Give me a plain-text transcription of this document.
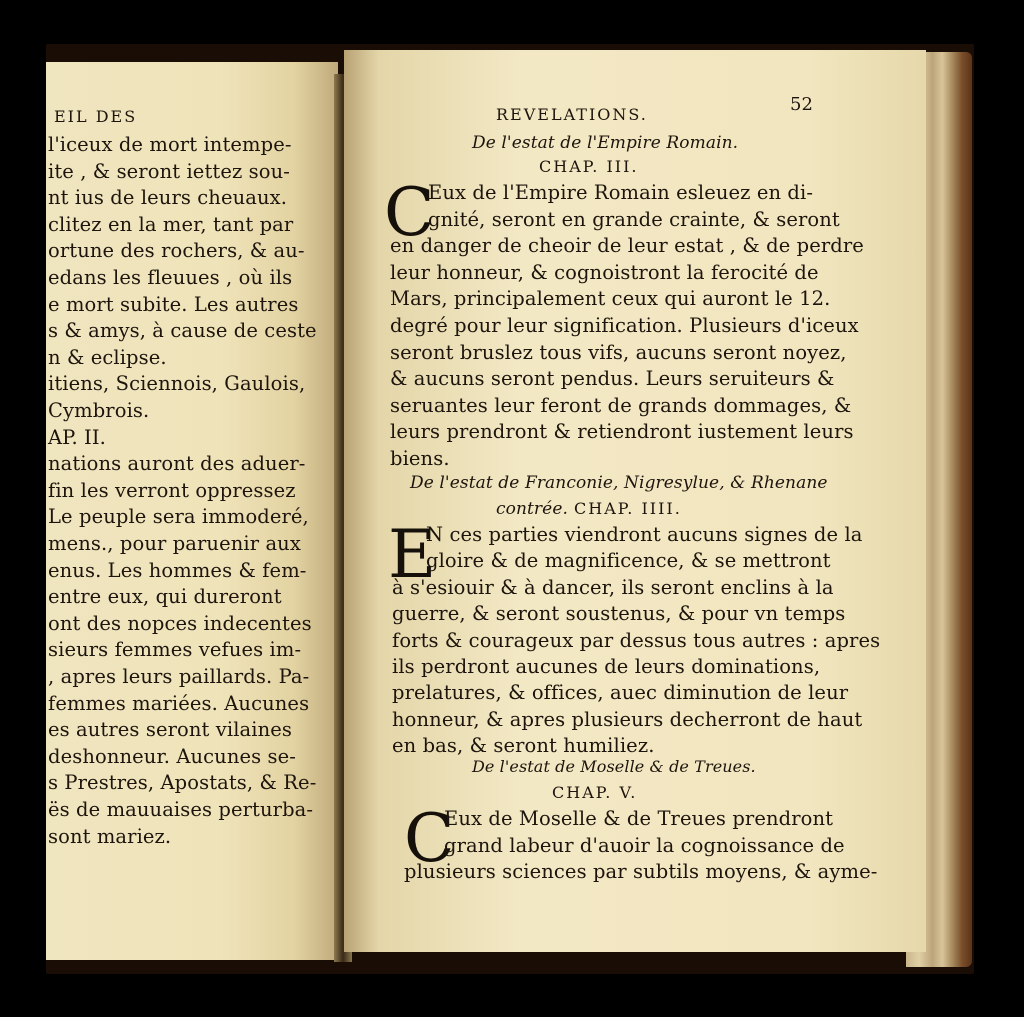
EIL DES
l'iceux de mort intempe-
ite , & seront iettez sou-
nt ius de leurs cheuaux.
clitez en la mer, tant par
ortune des rochers, & au-
edans les fleuues , où ils
e mort subite. Les autres
s & amys, à cause de ceste
n & eclipse.
itiens, Sciennois, Gaulois,
Cymbrois.
AP. II.
nations auront des aduer-
fin les verront oppressez
Le peuple sera immoderé,
mens., pour paruenir aux
enus. Les hommes & fem-
entre eux, qui dureront
ont des nopces indecentes
sieurs femmes vefues im-
, apres leurs paillards. Pa-
femmes mariées. Aucunes
es autres seront vilaines
deshonneur. Aucunes se-
s Prestres, Apostats, & Re-
ës de mauuaises perturba-
sont mariez.
REVELATIONS.	52
De l'estat de l'Empire Romain.
CHAP. III.
C
Eux de l'Empire Romain esleuez en di-
gnité, seront en grande crainte, & seront
en danger de cheoir de leur estat , & de perdre
leur honneur, & cognoistront la ferocité de
Mars, principalement ceux qui auront le 12.
degré pour leur signification. Plusieurs d'iceux
seront bruslez tous vifs, aucuns seront noyez,
& aucuns seront pendus. Leurs seruiteurs &
seruantes leur feront de grands dommages, &
leurs prendront & retiendront iustement leurs
biens.
De l'estat de Franconie, Nigresylue, & Rhenane
contrée. CHAP. IIII.
E
N ces parties viendront aucuns signes de la
gloire & de magnificence, & se mettront
à s'esiouir & à dancer, ils seront enclins à la
guerre, & seront soustenus, & pour vn temps
forts & courageux par dessus tous autres : apres
ils perdront aucunes de leurs dominations,
prelatures, & offices, auec diminution de leur
honneur, & apres plusieurs decherront de haut
en bas, & seront humiliez.
De l'estat de Moselle & de Treues.
CHAP. V.
C
Eux de Moselle & de Treues prendront
grand labeur d'auoir la cognoissance de
plusieurs sciences par subtils moyens, & ayme-
